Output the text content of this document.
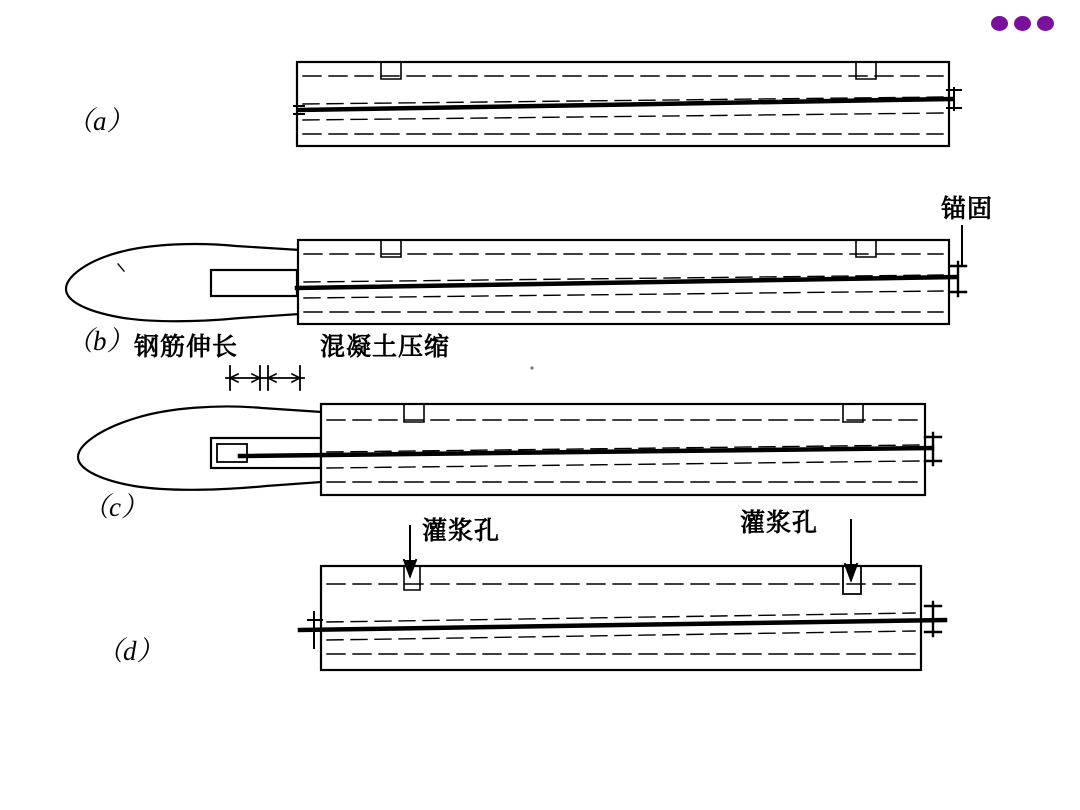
（a）
（b）
（c）
（d）
锚固
钢筋伸长	混凝土压缩
灌浆孔	灌浆孔
